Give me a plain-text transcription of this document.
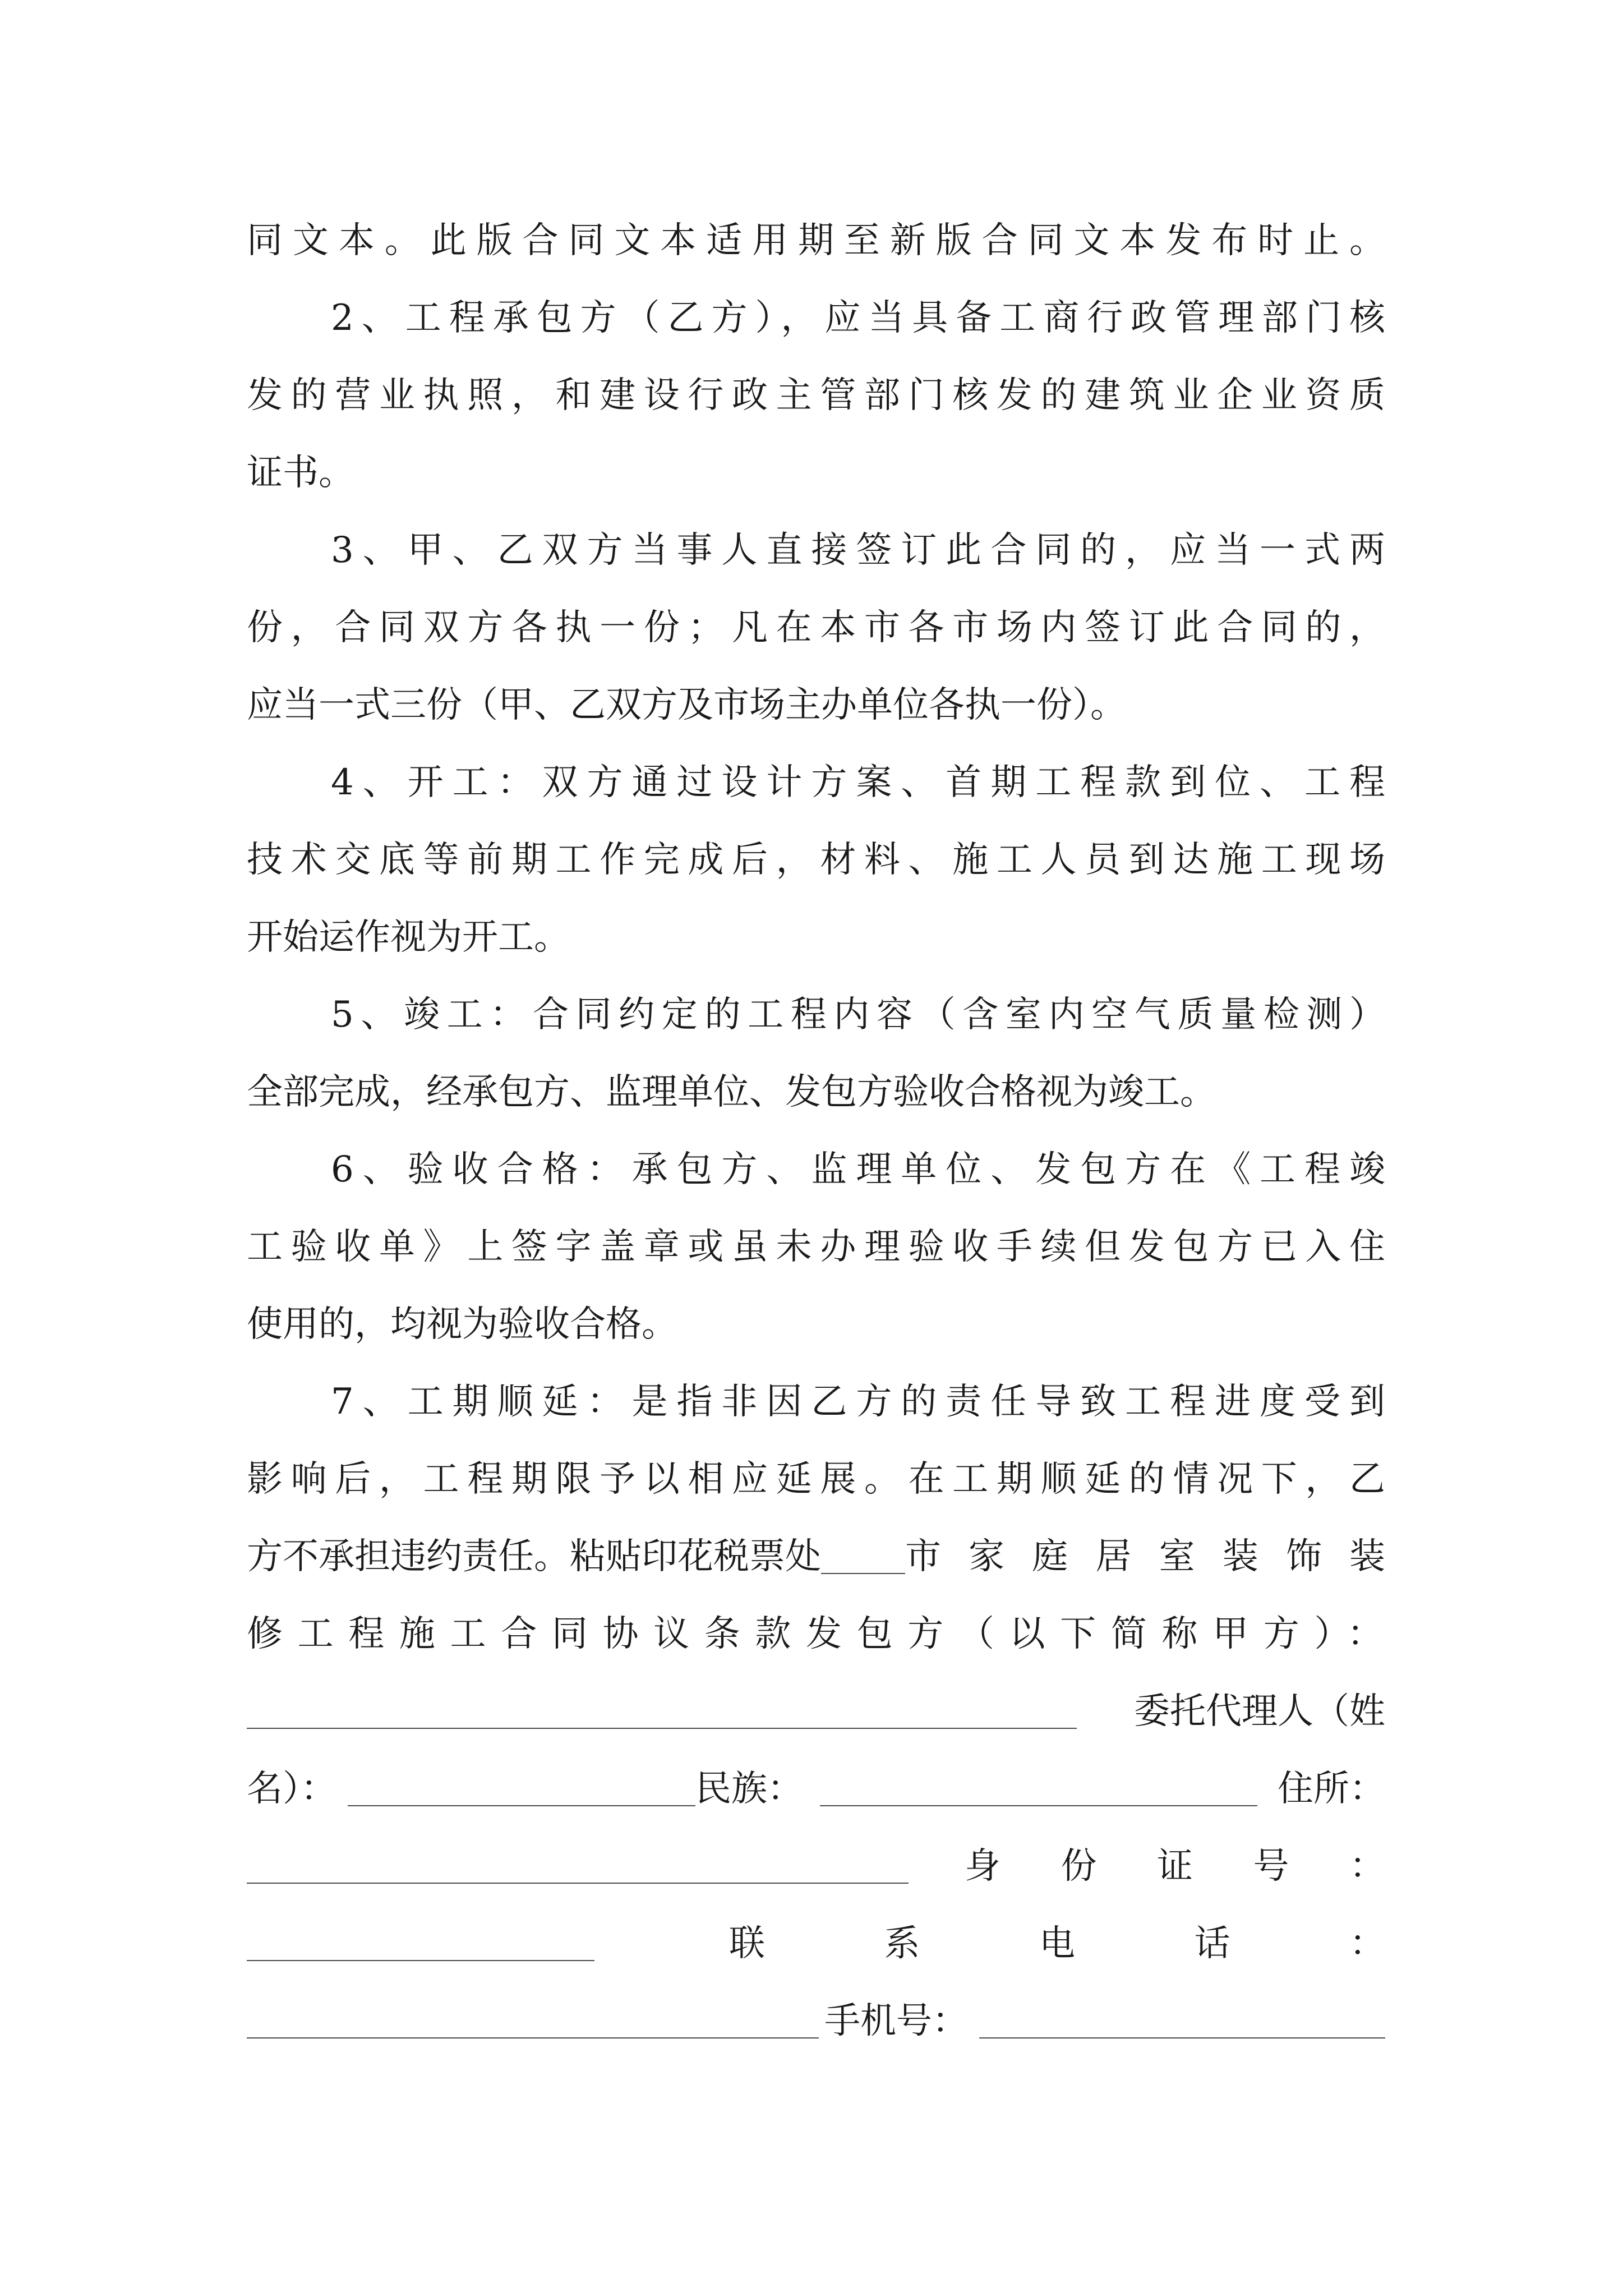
同文本。此版合同文本适用期至新版合同文本发布时止。
2、工程承包方（乙方），应当具备工商行政管理部门核
发的营业执照，和建设行政主管部门核发的建筑业企业资质
证书。
3、甲、乙双方当事人直接签订此合同的，应当一式两
份，合同双方各执一份；凡在本市各市场内签订此合同的，
应当一式三份（甲、乙双方及市场主办单位各执一份）。
4、开工：双方通过设计方案、首期工程款到位、工程
技术交底等前期工作完成后，材料、施工人员到达施工现场
开始运作视为开工。
5、竣工：合同约定的工程内容（含室内空气质量检测）
全部完成，经承包方、监理单位、发包方验收合格视为竣工。
6、验收合格：承包方、监理单位、发包方在《工程竣
工验收单》上签字盖章或虽未办理验收手续但发包方已入住
使用的，均视为验收合格。
7、工期顺延：是指非因乙方的责任导致工程进度受到
影响后，工程期限予以相应延展。在工期顺延的情况下，乙
方不承担违约责任。粘贴印花税票处 市家庭居室装饰装
修工程施工合同协议条款发包方（以下简称甲方）：
委托代理人（姓
名）：	民族：	住所：
身 份 证 号 ：
联	系	电	话	：
手机号：
